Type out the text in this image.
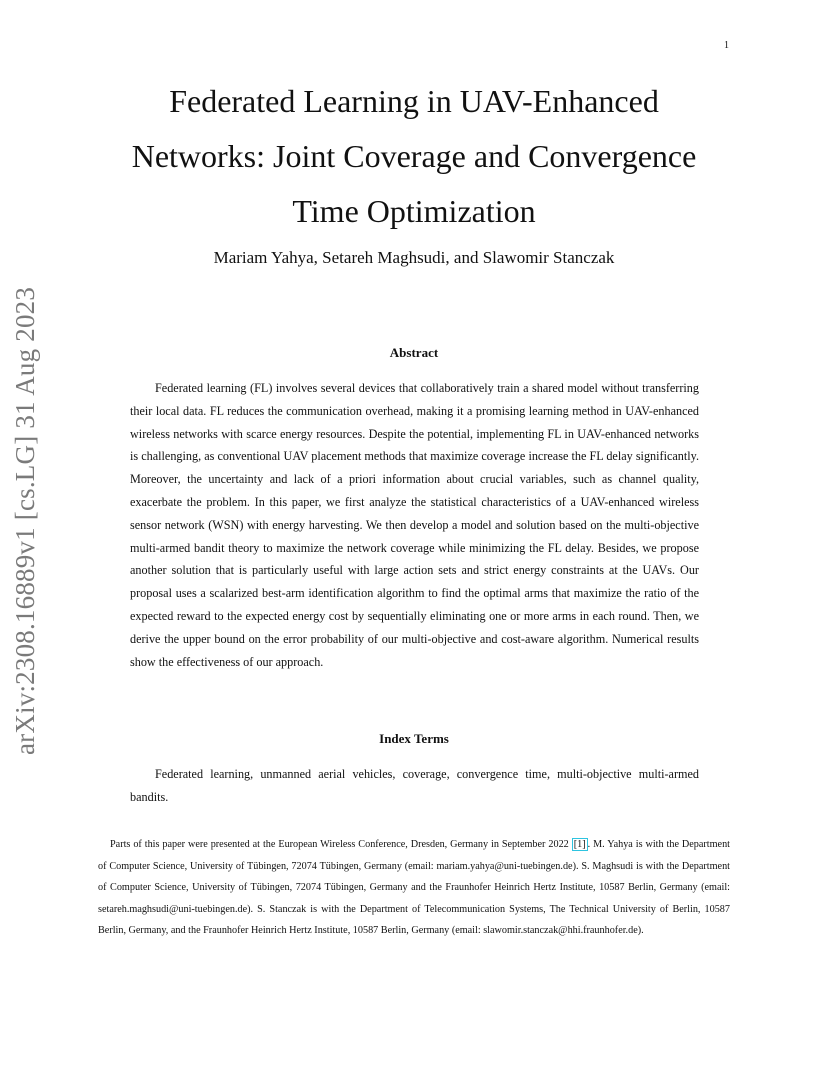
1
arXiv:2308.16889v1 [cs.LG] 31 Aug 2023
Federated Learning in UAV-Enhanced Networks: Joint Coverage and Convergence Time Optimization

Mariam Yahya, Setareh Maghsudi, and Slawomir Stanczak

Abstract

Federated learning (FL) involves several devices that collaboratively train a shared model without transferring their local data. FL reduces the communication overhead, making it a promising learning method in UAV-enhanced wireless networks with scarce energy resources. Despite the potential, implementing FL in UAV-enhanced networks is challenging, as conventional UAV placement methods that maximize coverage increase the FL delay significantly. Moreover, the uncertainty and lack of a priori information about crucial variables, such as channel quality, exacerbate the problem. In this paper, we first analyze the statistical characteristics of a UAV-enhanced wireless sensor network (WSN) with energy harvesting. We then develop a model and solution based on the multi-objective multi-armed bandit theory to maximize the network coverage while minimizing the FL delay. Besides, we propose another solution that is particularly useful with large action sets and strict energy constraints at the UAVs. Our proposal uses a scalarized best-arm identification algorithm to find the optimal arms that maximize the ratio of the expected reward to the expected energy cost by sequentially eliminating one or more arms in each round. Then, we derive the upper bound on the error probability of our multi-objective and cost-aware algorithm. Numerical results show the effectiveness of our approach.

Index Terms

Federated learning, unmanned aerial vehicles, coverage, convergence time, multi-objective multi-armed bandits.

Parts of this paper were presented at the European Wireless Conference, Dresden, Germany in September 2022 [1] . M. Yahya is with the Department of Computer Science, University of Tübingen, 72074 Tübingen, Germany (email: mariam.yahya@uni-tuebingen.de). S. Maghsudi is with the Department of Computer Science, University of Tübingen, 72074 Tübingen, Germany and the Fraunhofer Heinrich Hertz Institute, 10587 Berlin, Germany (email: setareh.maghsudi@uni-tuebingen.de). S. Stanczak is with the Department of Telecommunication Systems, The Technical University of Berlin, 10587 Berlin, Germany, and the Fraunhofer Heinrich Hertz Institute, 10587 Berlin, Germany (email: slawomir.stanczak@hhi.fraunhofer.de).
